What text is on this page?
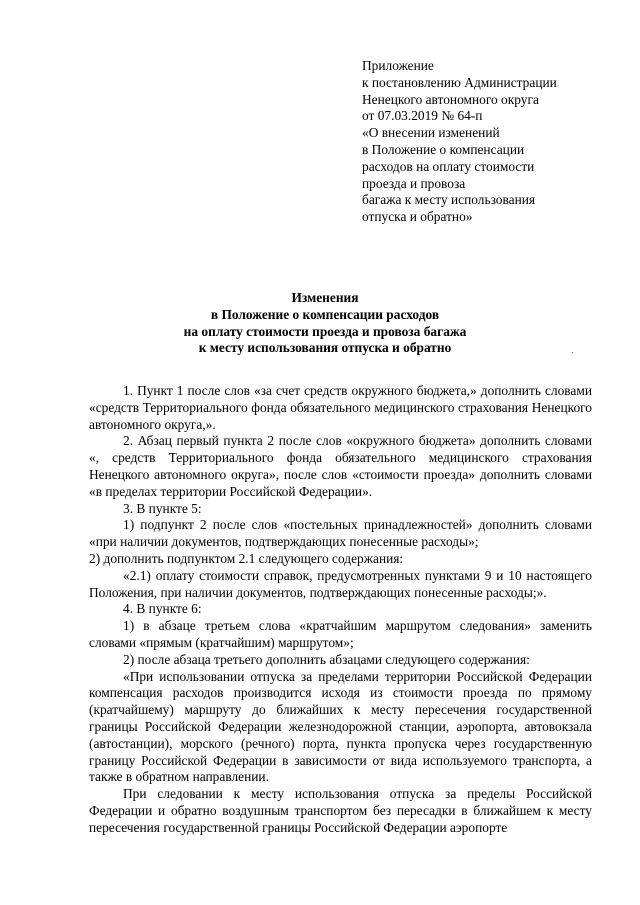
Приложение
к постановлению Администрации
Ненецкого автономного округа
от 07.03.2019 № 64-п
«О внесении изменений
в Положение о компенсации
расходов на оплату стоимости
проезда и провоза
багажа к месту использования
отпуска и обратно»
Изменения
в Положение о компенсации расходов
на оплату стоимости проезда и провоза багажа
к месту использования отпуска и обратно

1. Пункт 1 после слов «за счет средств окружного бюджета,» дополнить словами «средств Территориального фонда обязательного медицинского страхования Ненецкого автономного округа,».

2. Абзац первый пункта 2 после слов «окружного бюджета» дополнить словами «, средств Территориального фонда обязательного медицинского страхования Ненецкого автономного округа», после слов «стоимости проезда» дополнить словами «в пределах территории Российской Федерации».

3. В пункте 5:

1) подпункт 2 после слов «постельных принадлежностей» дополнить словами «при наличии документов, подтверждающих понесенные расходы»;

2) дополнить подпунктом 2.1 следующего содержания:

«2.1) оплату стоимости справок, предусмотренных пунктами 9 и 10 настоящего Положения, при наличии документов, подтверждающих понесенные расходы;».

4. В пункте 6:

1) в абзаце третьем слова «кратчайшим маршрутом следования» заменить словами «прямым (кратчайшим) маршрутом»;

2) после абзаца третьего дополнить абзацами следующего содержания:

«При использовании отпуска за пределами территории Российской Федерации компенсация расходов производится исходя из стоимости проезда по прямому (кратчайшему) маршруту до ближайших к месту пересечения государственной границы Российской Федерации железнодорожной станции, аэропорта, автовокзала (автостанции), морского (речного) порта, пункта пропуска через государственную границу Российской Федерации в зависимости от вида используемого транспорта, а также в обратном направлении.

При следовании к месту использования отпуска за пределы Российской Федерации и обратно воздушным транспортом без пересадки в ближайшем к месту пересечения государственной границы Российской Федерации аэропорте
